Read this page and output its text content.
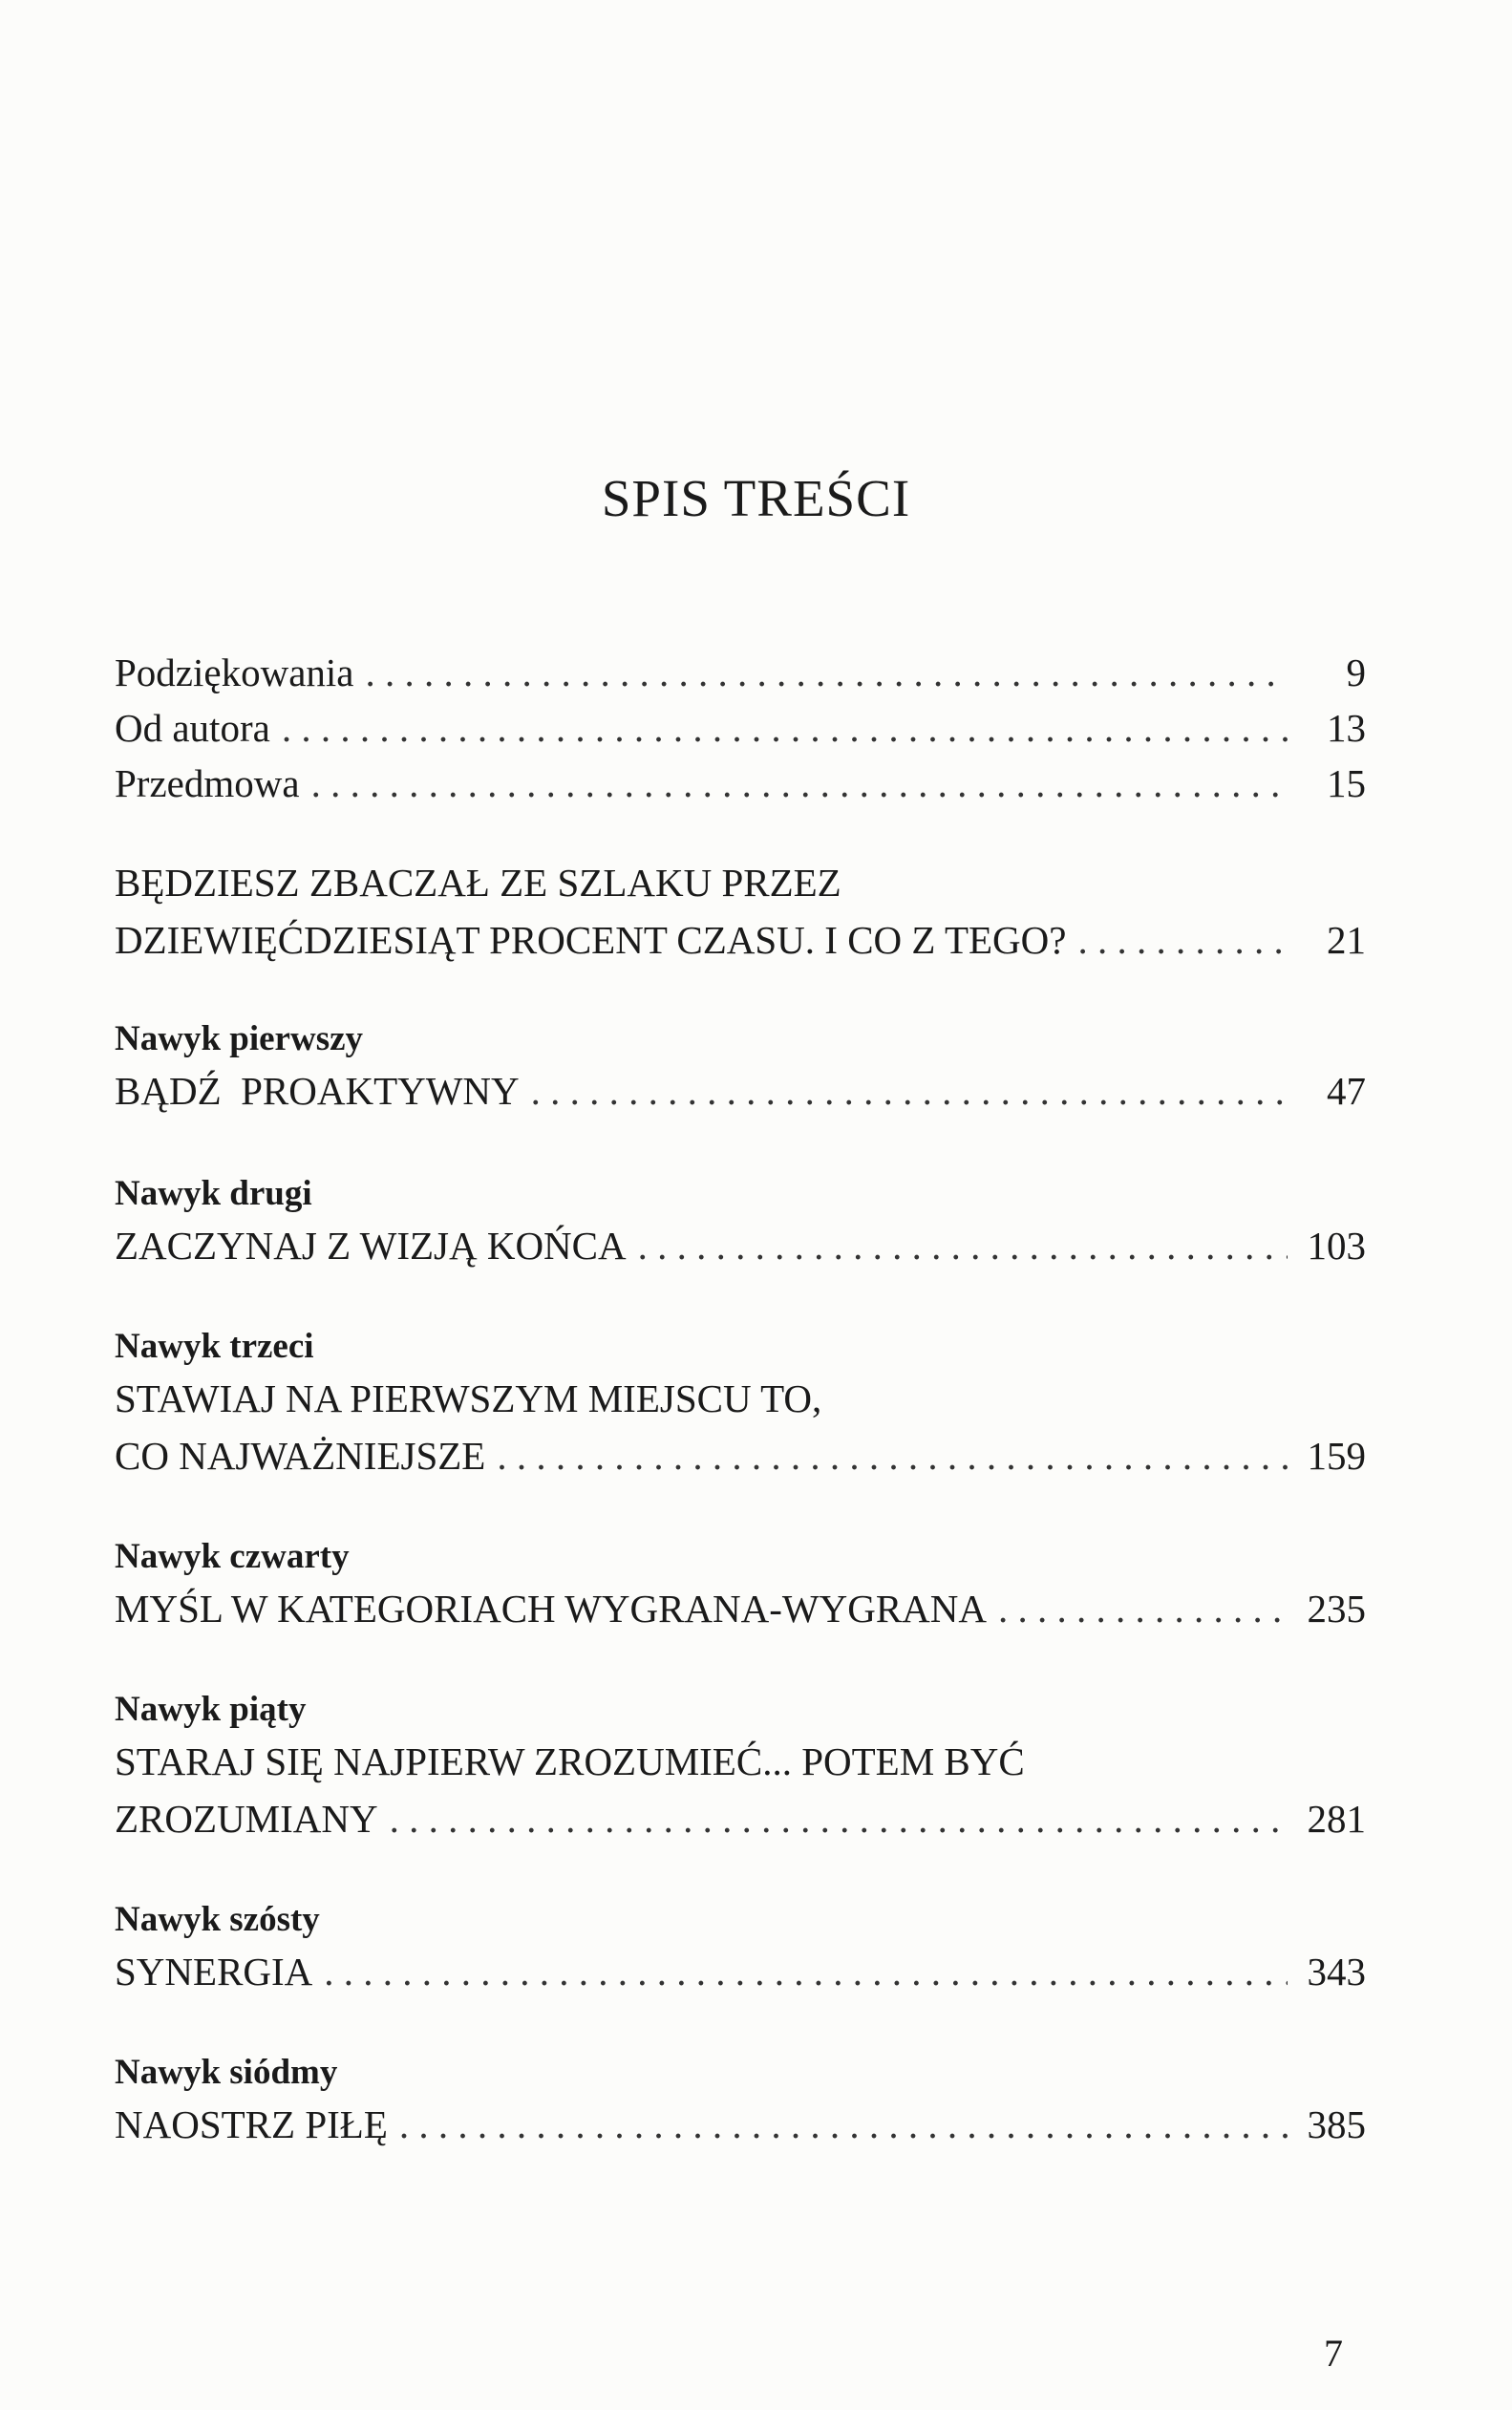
SPIS TREŚCI
Podziękowania . . .	9
Od autora . . .	13
Przedmowa . . .	15
BĘDZIESZ ZBACZAŁ ZE SZLAKU PRZEZ
DZIEWIĘĆDZIESIĄT PROCENT CZASU. I CO Z TEGO? . . .	21
Nawyk pierwszy
BĄDŹ  PROAKTYWNY . . .	47
Nawyk drugi
ZACZYNAJ Z WIZJĄ KOŃCA . . .	103
Nawyk trzeci
STAWIAJ NA PIERWSZYM MIEJSCU TO,
CO NAJWAŻNIEJSZE . . .	159
Nawyk czwarty
MYŚL W KATEGORIACH WYGRANA-WYGRANA . . .	235
Nawyk piąty
STARAJ SIĘ NAJPIERW ZROZUMIEĆ... POTEM BYĆ
ZROZUMIANY . . .	281
Nawyk szósty
SYNERGIA . . .	343
Nawyk siódmy
NAOSTRZ PIŁĘ . . .	385
7
